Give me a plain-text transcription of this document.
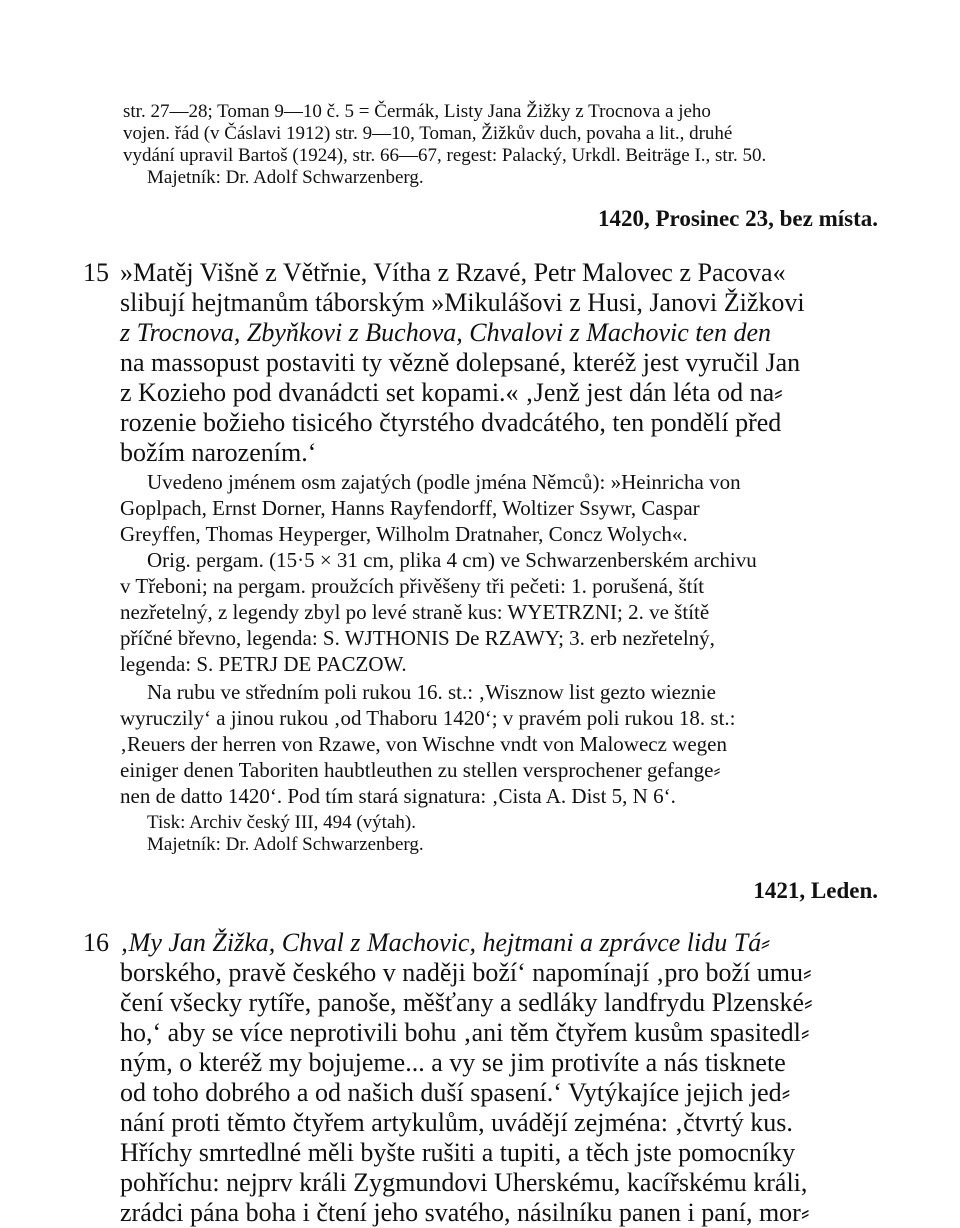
str. 27—28; Toman 9—10 č. 5 = Čermák, Listy Jana Žižky z Trocnova a jeho
vojen. řád (v Čáslavi 1912) str. 9—10, Toman, Žižkův duch, povaha a lit., druhé
vydání upravil Bartoš (1924), str. 66—67, regest: Palacký, Urkdl. Beiträge I., str. 50.
Majetník: Dr. Adolf Schwarzenberg.
1420, Prosinec 23, bez místa.
15 »Matěj Višně z Větřnie, Vítha z Rzavé, Petr Malovec z Pacova«
slibují hejtmanům táborským »Mikulášovi z Husi, Janovi Žižkovi
z Trocnova, Zbyňkovi z Buchova, Chvalovi z Machovic ten den
na massopust postaviti ty vězně dolepsané, kteréž jest vyručil Jan
z Kozieho pod dvanádcti set kopami.« ‚Jenž jest dán léta od na⸗
rozenie božieho tisicého čtyrstého dvadcátého, ten pondělí před
božím narozením.‘
Uvedeno jménem osm zajatých (podle jména Němců): »Heinricha von
Goplpach, Ernst Dorner, Hanns Rayfendorff, Woltizer Ssywr, Caspar
Greyffen, Thomas Heyperger, Wilholm Dratnaher, Concz Wolych«.
Orig. pergam. (15·5 × 31 cm, plika 4 cm) ve Schwarzenberském archivu
v Třeboni; na pergam. proužcích přivěšeny tři pečeti: 1. porušená, štít
nezřetelný, z legendy zbyl po levé straně kus: WYETRZNI; 2. ve štítě
příčné břevno, legenda: S. WJTHONIS De RZAWY; 3. erb nezřetelný,
legenda: S. PETRJ DE PACZOW.
Na rubu ve středním poli rukou 16. st.: ‚Wisznow list gezto wieznie
wyruczily‘ a jinou rukou ‚od Thaboru 1420‘; v pravém poli rukou 18. st.:
‚Reuers der herren von Rzawe, von Wischne vndt von Malowecz wegen
einiger denen Taboriten haubtleuthen zu stellen versprochener gefange⸗
nen de datto 1420‘. Pod tím stará signatura: ‚Cista A. Dist 5, N 6‘.
Tisk: Archiv český III, 494 (výtah).
Majetník: Dr. Adolf Schwarzenberg.
1421, Leden.
16 ‚My Jan Žižka, Chval z Machovic, hejtmani a zprávce lidu Tá⸗
borského, pravě českého v naději boží‘ napomínají ‚pro boží umu⸗
čení všecky rytíře, panoše, měšťany a sedláky landfrydu Plzenské⸗
ho,‘ aby se více neprotivili bohu ‚ani těm čtyřem kusům spasitedl⸗
ným, o kteréž my bojujeme... a vy se jim protivíte a nás tisknete
od toho dobrého a od našich duší spasení.‘ Vytýkajíce jejich jed⸗
nání proti těmto čtyřem artykulům, uvádějí zejména: ‚čtvrtý kus.
Hříchy smrtedlné měli byšte rušiti a tupiti, a těch jste pomocníky
pohříchu: nejprv králi Zygmundovi Uherskému, kacířskému králi,
zrádci pána boha i čtení jeho svatého, násilníku panen i paní, mor⸗
